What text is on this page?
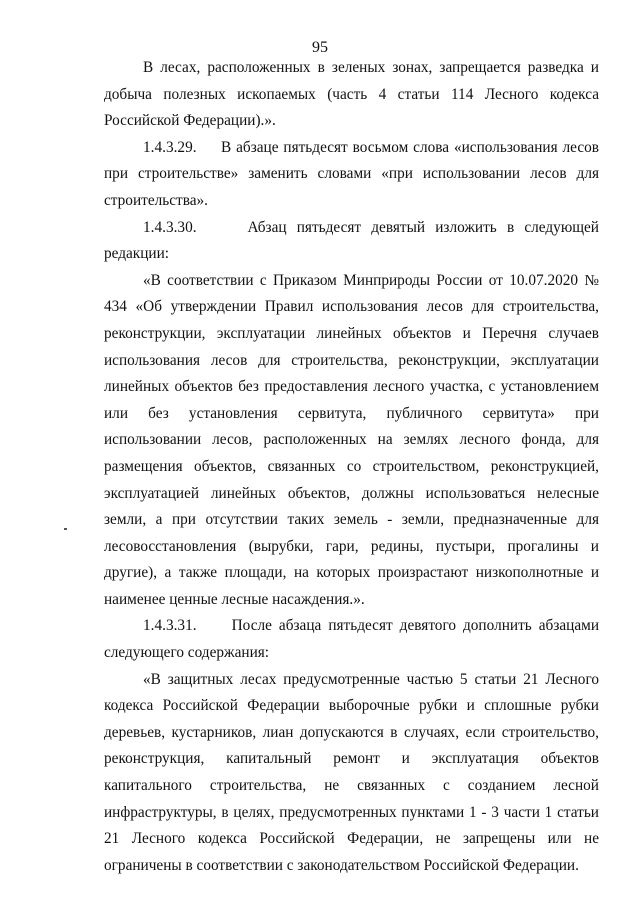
95

В лесах, расположенных в зеленых зонах, запрещается разведка и добыча полезных ископаемых (часть 4 статьи 114 Лесного кодекса Российской Федерации).».

1.4.3.29.     В абзаце пятьдесят восьмом слова «использования лесов при строительстве» заменить словами «при использовании лесов для строительства».

1.4.3.30.     Абзац пятьдесят девятый изложить в следующей редакции:

«В соответствии с Приказом Минприроды России от 10.07.2020 № 434 «Об утверждении Правил использования лесов для строительства, реконструкции, эксплуатации линейных объектов и Перечня случаев использования лесов для строительства, реконструкции, эксплуатации линейных объектов без предоставления лесного участка, с установлением или без установления сервитута, публичного сервитута» при использовании лесов, расположенных на землях лесного фонда, для размещения объектов, связанных со строительством, реконструкцией, эксплуатацией линейных объектов, должны использоваться нелесные земли, а при отсутствии таких земель - земли, предназначенные для лесовосстановления (вырубки, гари, редины, пустыри, прогалины и другие), а также площади, на которых произрастают низкополнотные и наименее ценные лесные насаждения.».

1.4.3.31.     После абзаца пятьдесят девятого дополнить абзацами следующего содержания:

«В защитных лесах предусмотренные частью 5 статьи 21 Лесного кодекса Российской Федерации выборочные рубки и сплошные рубки деревьев, кустарников, лиан допускаются в случаях, если строительство, реконструкция, капитальный ремонт и эксплуатация объектов капитального строительства, не связанных с созданием лесной инфраструктуры, в целях, предусмотренных пунктами 1 - 3 части 1 статьи 21 Лесного кодекса Российской Федерации, не запрещены или не ограничены в соответствии с законодательством Российской Федерации.
